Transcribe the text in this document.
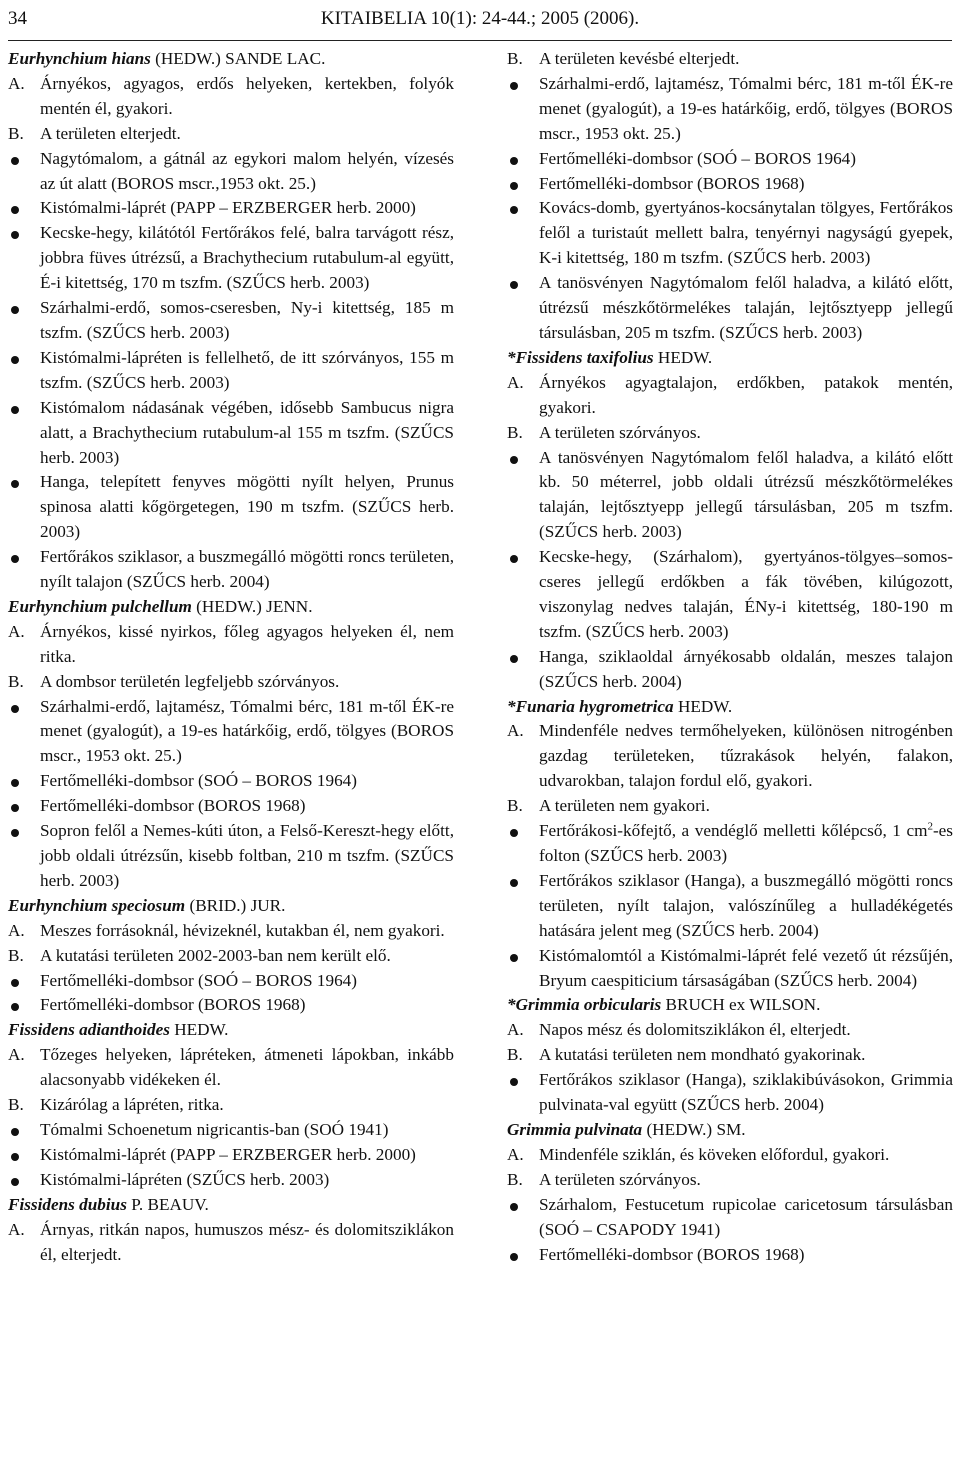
34	KITAIBELIA 10(1): 24-44.; 2005 (2006).

Eurhynchium hians (HEDW.) SANDE LAC.

A. Árnyékos, agyagos, erdős helyeken, kertekben, folyók mentén él, gyakori.

B. A területen elterjedt.

Nagytómalom, a gátnál az egykori malom helyén, vízesés az út alatt (BOROS mscr.,1953 okt. 25.)

Kistómalmi-láprét (PAPP – ERZBERGER herb. 2000)

Kecske-hegy, kilátótól Fertőrákos felé, balra tarvágott rész, jobbra füves útrézsű, a Brachythecium rutabulum-al együtt, É-i kitettség, 170 m tszfm. (SZŰCS herb. 2003)

Szárhalmi-erdő, somos-cseresben, Ny-i kitettség, 185 m tszfm. (SZŰCS herb. 2003)

Kistómalmi-lápréten is fellelhető, de itt szórványos, 155 m tszfm. (SZŰCS herb. 2003)

Kistómalom nádasának végében, idősebb Sambucus nigra alatt, a Brachythecium rutabulum-al 155 m tszfm. (SZŰCS herb. 2003)

Hanga, telepített fenyves mögötti nyílt helyen, Prunus spinosa alatti kőgörgetegen, 190 m tszfm. (SZŰCS herb. 2003)

Fertőrákos sziklasor, a buszmegálló mögötti roncs területen, nyílt talajon (SZŰCS herb. 2004)

Eurhynchium pulchellum (HEDW.) JENN.

A. Árnyékos, kissé nyirkos, főleg agyagos helyeken él, nem ritka.

B. A dombsor területén legfeljebb szórványos.

Szárhalmi-erdő, lajtamész, Tómalmi bérc, 181 m-től ÉK-re menet (gyalogút), a 19-es határkőig, erdő, tölgyes (BOROS mscr., 1953 okt. 25.)

Fertőmelléki-dombsor (SOÓ – BOROS 1964)

Fertőmelléki-dombsor (BOROS 1968)

Sopron felől a Nemes-kúti úton, a Felső-Kereszt-hegy előtt, jobb oldali útrézsűn, kisebb foltban, 210 m tszfm. (SZŰCS herb. 2003)

Eurhynchium speciosum (BRID.) JUR.

A. Meszes forrásoknál, hévizeknél, kutakban él, nem gyakori.

B. A kutatási területen 2002-2003-ban nem került elő.

Fertőmelléki-dombsor (SOÓ – BOROS 1964)

Fertőmelléki-dombsor (BOROS 1968)

Fissidens adianthoides HEDW.

A. Tőzeges helyeken, lápréteken, átmeneti lápokban, inkább alacsonyabb vidékeken él.

B. Kizárólag a lápréten, ritka.

Tómalmi Schoenetum nigricantis-ban (SOÓ 1941)

Kistómalmi-láprét (PAPP – ERZBERGER herb. 2000)

Kistómalmi-lápréten (SZŰCS herb. 2003)

Fissidens dubius P. BEAUV.

A. Árnyas, ritkán napos, humuszos mész- és dolomitsziklákon él, elterjedt.

B. A területen kevésbé elterjedt.

Szárhalmi-erdő, lajtamész, Tómalmi bérc, 181 m-től ÉK-re menet (gyalogút), a 19-es határkőig, erdő, tölgyes (BOROS mscr., 1953 okt. 25.)

Fertőmelléki-dombsor (SOÓ – BOROS 1964)

Fertőmelléki-dombsor (BOROS 1968)

Kovács-domb, gyertyános-kocsánytalan tölgyes, Fertőrákos felől a turistaút mellett balra, tenyérnyi nagyságú gyepek, K-i kitettség, 180 m tszfm. (SZŰCS herb. 2003)

A tanösvényen Nagytómalom felől haladva, a kilátó előtt, útrézsű mészkőtörmelékes talaján, lejtősztyepp jellegű társulásban, 205 m tszfm. (SZŰCS herb. 2003)

*Fissidens taxifolius HEDW.

A. Árnyékos agyagtalajon, erdőkben, patakok mentén, gyakori.

B. A területen szórványos.

A tanösvényen Nagytómalom felől haladva, a kilátó előtt kb. 50 méterrel, jobb oldali útrézsű mészkőtörmelékes talaján, lejtősztyepp jellegű társulásban, 205 m tszfm. (SZŰCS herb. 2003)

Kecske-hegy, (Szárhalom), gyertyános-tölgyes–somos-cseres jellegű erdőkben a fák tövében, kilúgozott, viszonylag nedves talaján, ÉNy-i kitettség, 180-190 m tszfm. (SZŰCS herb. 2003)

Hanga, sziklaoldal árnyékosabb oldalán, meszes talajon (SZŰCS herb. 2004)

*Funaria hygrometrica HEDW.

A. Mindenféle nedves termőhelyeken, különösen nitrogénben gazdag területeken, tűzrakások helyén, falakon, udvarokban, talajon fordul elő, gyakori.

B. A területen nem gyakori.

Fertőrákosi-kőfejtő, a vendéglő melletti kőlépcső, 1 $cm^2-es$ folton (SZŰCS herb. 2003)

Fertőrákos sziklasor (Hanga), a buszmegálló mögötti roncs területen, nyílt talajon, valószínűleg a hulladékégetés hatására jelent meg (SZŰCS herb. 2004)

Kistómalomtól a Kistómalmi-láprét felé vezető út rézsűjén, Bryum caespiticium társaságában (SZŰCS herb. 2004)

*Grimmia orbicularis BRUCH ex WILSON.

A. Napos mész és dolomitsziklákon él, elterjedt.

B. A kutatási területen nem mondható gyakorinak.

Fertőrákos sziklasor (Hanga), sziklakibúvásokon, Grimmia pulvinata-val együtt (SZŰCS herb. 2004)

Grimmia pulvinata (HEDW.) SM.

A. Mindenféle sziklán, és köveken előfordul, gyakori.

B. A területen szórványos.

Szárhalom, Festucetum rupicolae caricetosum társulásban (SOÓ – CSAPODY 1941)

Fertőmelléki-dombsor (BOROS 1968)
